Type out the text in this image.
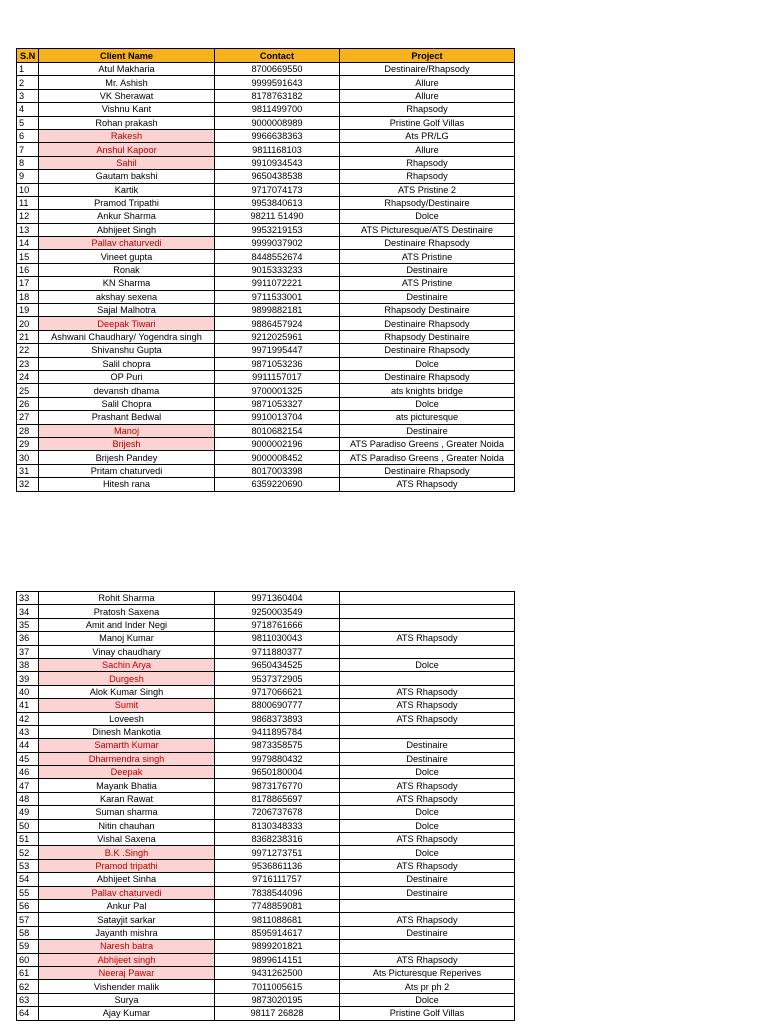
S.N	Client Name	Contact	Project
1	Atul Makharia	8700669550	Destinaire/Rhapsody
2	Mr. Ashish	9999591643	Allure
3	VK Sherawat	8178763182	Allure
4	Vishnu Kant	9811499700	Rhapsody
5	Rohan prakash	9000008989	Pristine Golf Villas
6	Rakesh	9966638363	Ats PR/LG
7	Anshul Kapoor	9811168103	Allure
8	Sahil	9910934543	Rhapsody
9	Gautam bakshi	9650438538	Rhapsody
10	Kartik	9717074173	ATS Pristine 2
11	Pramod Tripathi	9953840613	Rhapsody/Destinaire
12	Ankur Sharma	98211 51490	Dolce
13	Abhijeet Singh	9953219153	ATS Picturesque/ATS Destinaire
14	Pallav chaturvedi	9999037902	Destinaire Rhapsody
15	Vineet gupta	8448552674	ATS Pristine
16	Ronak	9015333233	Destinaire
17	KN Sharma	9911072221	ATS Pristine
18	akshay sexena	9711533001	Destinaire
19	Sajal Malhotra	9899882181	Rhapsody Destinaire
20	Deepak Tiwari	9886457924	Destinaire Rhapsody
21	Ashwani Chaudhary/ Yogendra singh	9212025961	Rhapsody Destinaire
22	Shivanshu Gupta	9971995447	Destinaire Rhapsody
23	Salil chopra	9871053236	Dolce
24	OP Puri	9911157017	Destinaire Rhapsody
25	devansh dhama	9700001325	ats knights bridge
26	Salil Chopra	9871053327	Dolce
27	Prashant Bedwal	9910013704	ats picturesque
28	Manoj	8010682154	Destinaire
29	Brijesh	9000002196	ATS Paradiso Greens , Greater Noida
30	Brijesh Pandey	9000008452	ATS Paradiso Greens , Greater Noida
31	Pritam chaturvedi	8017003398	Destinaire Rhapsody
32	Hitesh rana	6359220690	ATS Rhapsody
33	Rohit Sharma	9971360404	
34	Pratosh Saxena	9250003549	
35	Amit and Inder Negi	9718761666	
36	Manoj Kumar	9811030043	ATS Rhapsody
37	Vinay chaudhary	9711880377	
38	Sachin Arya	9650434525	Dolce
39	Durgesh	9537372905	
40	Alok Kumar Singh	9717066621	ATS Rhapsody
41	Sumit	8800690777	ATS Rhapsody
42	Loveesh	9868373893	ATS Rhapsody
43	Dinesh Mankotia	9411895784	
44	Samarth Kumar	9873358575	Destinaire
45	Dharmendra singh	9979880432	Destinaire
46	Deepak	9650180004	Dolce
47	Mayank Bhatia	9873176770	ATS Rhapsody
48	Karan Rawat	8178865697	ATS Rhapsody
49	Suman sharma	7206737678	Dolce
50	Nitin chauhan	8130348333	Dolce
51	Vishal Saxena	8368238316	ATS Rhapsody
52	B.K .Singh	9971273751	Dolce
53	Pramod tripathi	9536861136	ATS Rhapsody
54	Abhijeet Sinha	9716111757	Destinaire
55	Pallav chaturvedi	7838544096	Destinaire
56	Ankur Pal	7748859081	
57	Satayjit sarkar	9811088681	ATS Rhapsody
58	Jayanth mishra	8595914617	Destinaire
59	Naresh batra	9899201821	
60	Abhijeet singh	9899614151	ATS Rhapsody
61	Neeraj Pawar	9431262500	Ats Picturesque Reperives
62	Vishender malik	7011005615	Ats pr ph 2
63	Surya	9873020195	Dolce
64	Ajay Kumar	98117 26828	Pristine Golf Villas
